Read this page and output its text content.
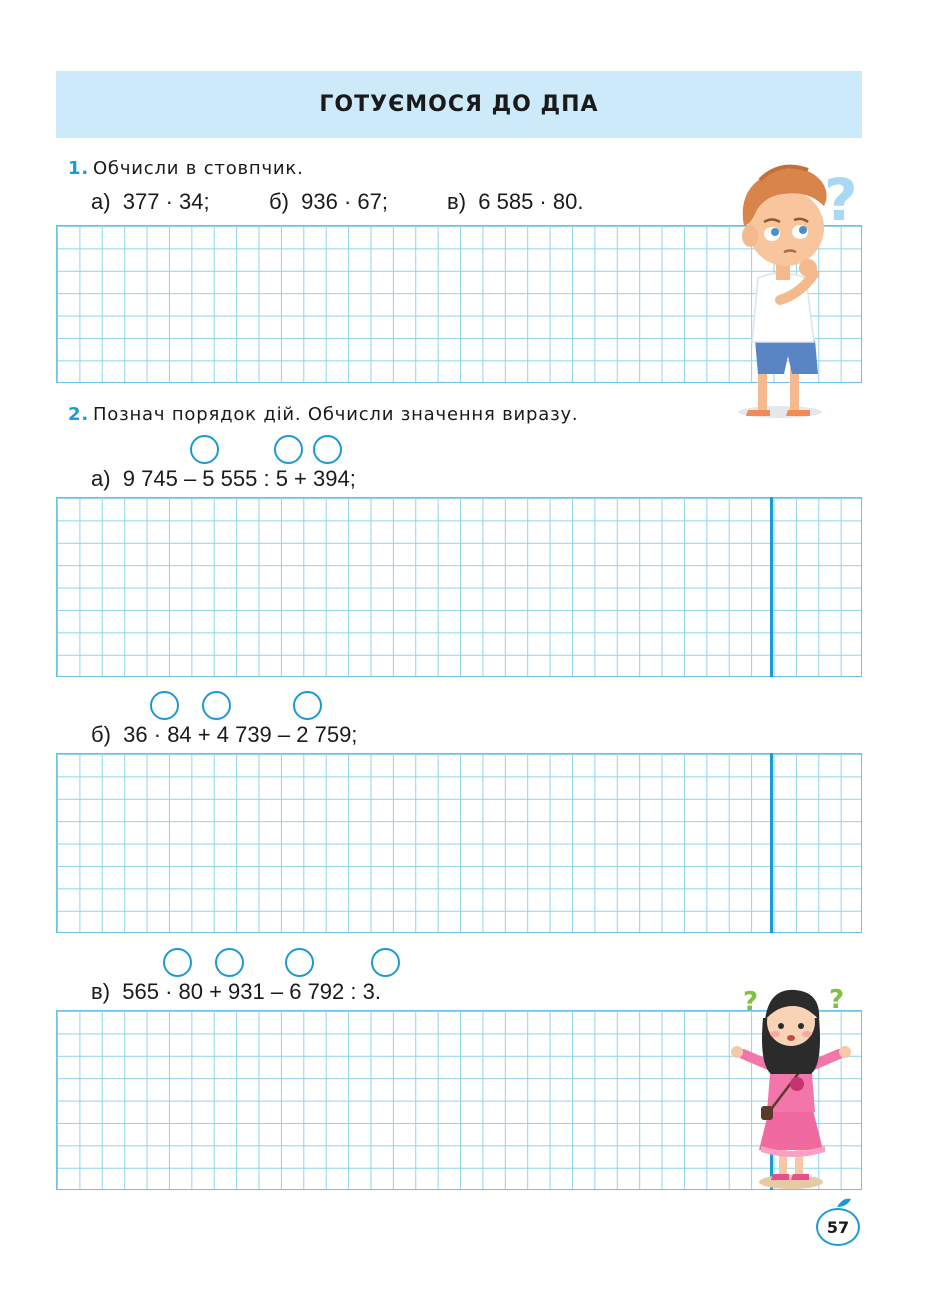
ГОТУЄМОСЯ ДО ДПА
1. Обчисли в стовпчик.
а) 377 · 34;	б) 936 · 67;	в) 6 585 · 80.	?
2. Познач порядок дій. Обчисли значення виразу.
а) 9 745 – 5 555 : 5 + 394;
б) 36 · 84 + 4 739 – 2 759;
в) 565 · 80 + 931 – 6 792 : 3.	?	?
57
